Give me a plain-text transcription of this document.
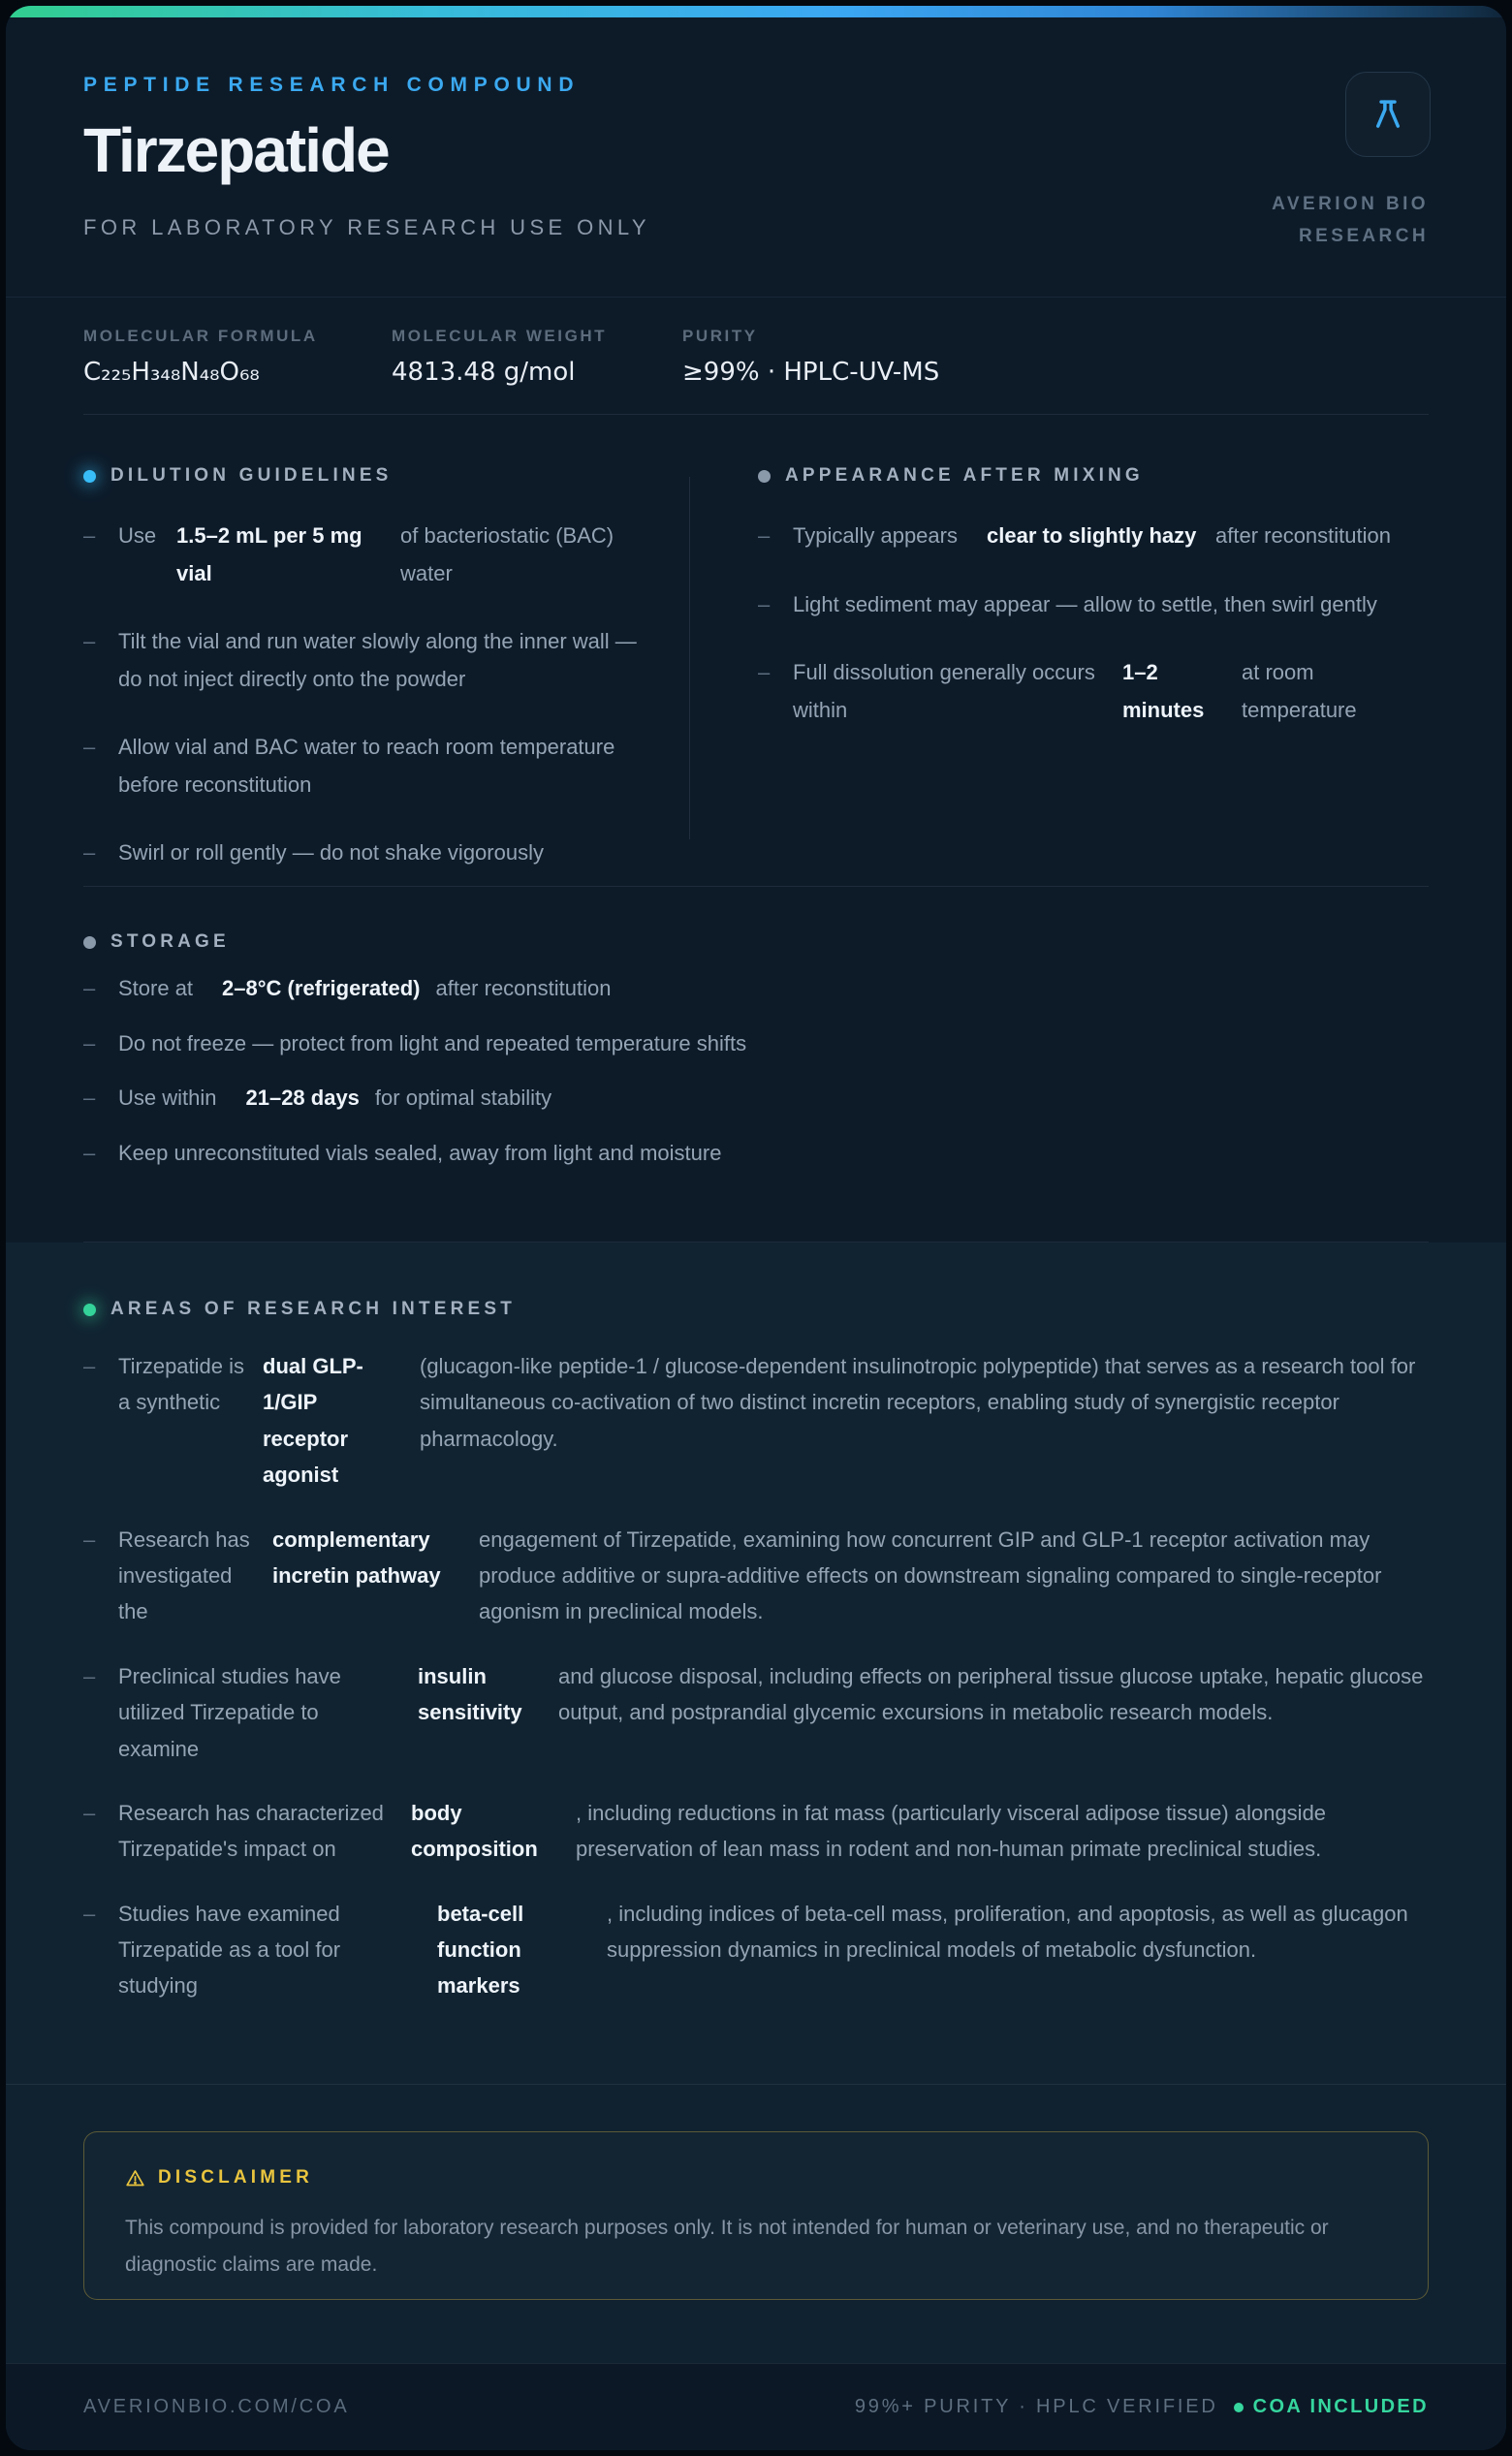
PEPTIDE RESEARCH COMPOUND
Tirzepatide
FOR LABORATORY RESEARCH USE ONLY
AVERION BIO
RESEARCH
MOLECULAR FORMULA
C₂₂₅H₃₄₈N₄₈O₆₈
MOLECULAR WEIGHT
4813.48 g/mol
PURITY
≥99% · HPLC-UV-MS
DILUTION GUIDELINES
–	Use 1.5–2 mL per 5 mg vial
of bacteriostatic (BAC) water
–	Tilt the vial and run water slowly along the inner wall — do not inject directly onto the powder
–	Allow vial and BAC water to reach room temperature before reconstitution
–	Swirl or roll gently — do not shake vigorously
APPEARANCE AFTER MIXING
–	Typically appears	clear to slightly hazy after reconstitution
–	Light sediment may appear — allow to settle, then swirl gently
–	Full dissolution generally occurs within
1–2 minutes
at room temperature
STORAGE
–	Store at 2–8°C (refrigerated) after reconstitution
–	Do not freeze — protect from light and repeated temperature shifts
–	Use within 21–28 days for optimal stability
–	Keep unreconstituted vials sealed, away from light and moisture
AREAS OF RESEARCH INTEREST
–	Tirzepatide is a synthetic
dual GLP-1/GIP receptor agonist
(glucagon-like peptide-1 / glucose-dependent insulinotropic polypeptide) that serves as a research tool for simultaneous co-activation of two distinct incretin receptors, enabling study of synergistic receptor pharmacology.
–	Research has investigated the
complementary incretin pathway
engagement of Tirzepatide, examining how concurrent GIP and GLP-1 receptor activation may produce additive or supra-additive effects on downstream signaling compared to single-receptor agonism in preclinical models.
–	Preclinical studies have utilized Tirzepatide to examine
insulin sensitivity
and glucose disposal, including effects on peripheral tissue glucose uptake, hepatic glucose output, and postprandial glycemic excursions in metabolic research models.
–	Research has characterized Tirzepatide's impact on
body composition
, including reductions in fat mass (particularly visceral adipose tissue) alongside preservation of lean mass in rodent and non-human primate preclinical studies.
–	Studies have examined Tirzepatide as a tool for studying
beta-cell function markers
, including indices of beta-cell mass, proliferation, and apoptosis, as well as glucagon suppression dynamics in preclinical models of metabolic dysfunction.
DISCLAIMER
This compound is provided for laboratory research purposes only. It is not intended for human or veterinary use, and no therapeutic or diagnostic claims are made.
AVERIONBIO.COM/COA	99%+ PURITY · HPLC VERIFIED COA INCLUDED
